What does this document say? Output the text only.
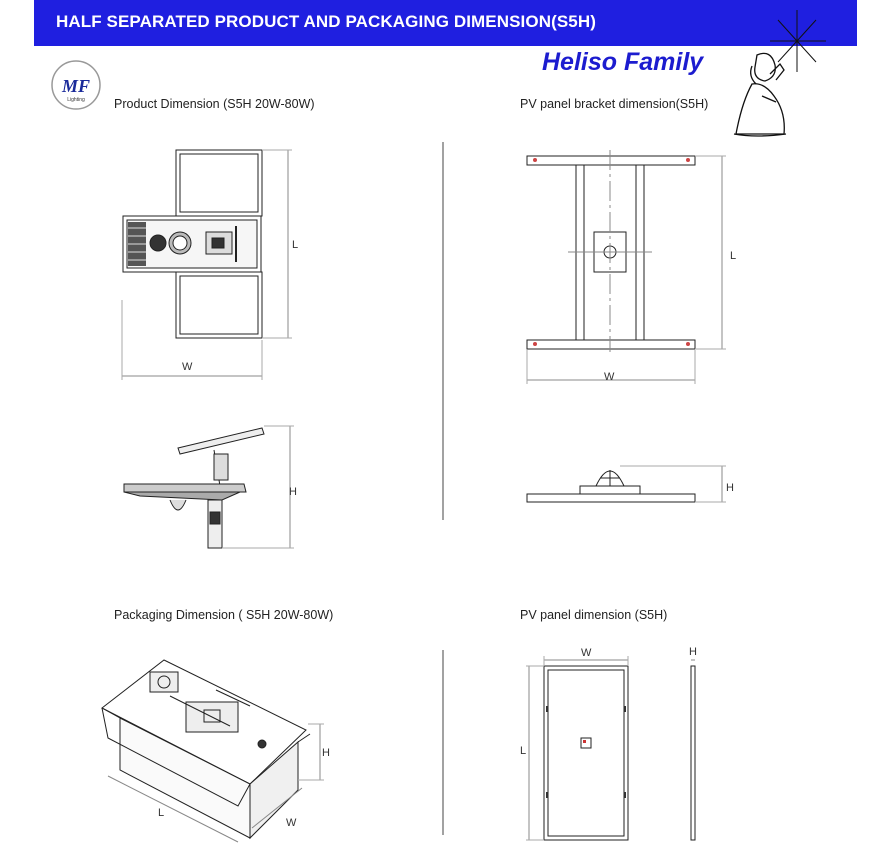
HALF SEPARATED PRODUCT AND PACKAGING DIMENSION(S5H)
Heliso Family
Product Dimension (S5H 20W-80W)	PV panel bracket dimension(S5H)
Packaging Dimension ( S5H 20W-80W)	PV panel dimension (S5H)
MF
Lighting
W
L
H
W
L
H
H
L
W
W
L
H
